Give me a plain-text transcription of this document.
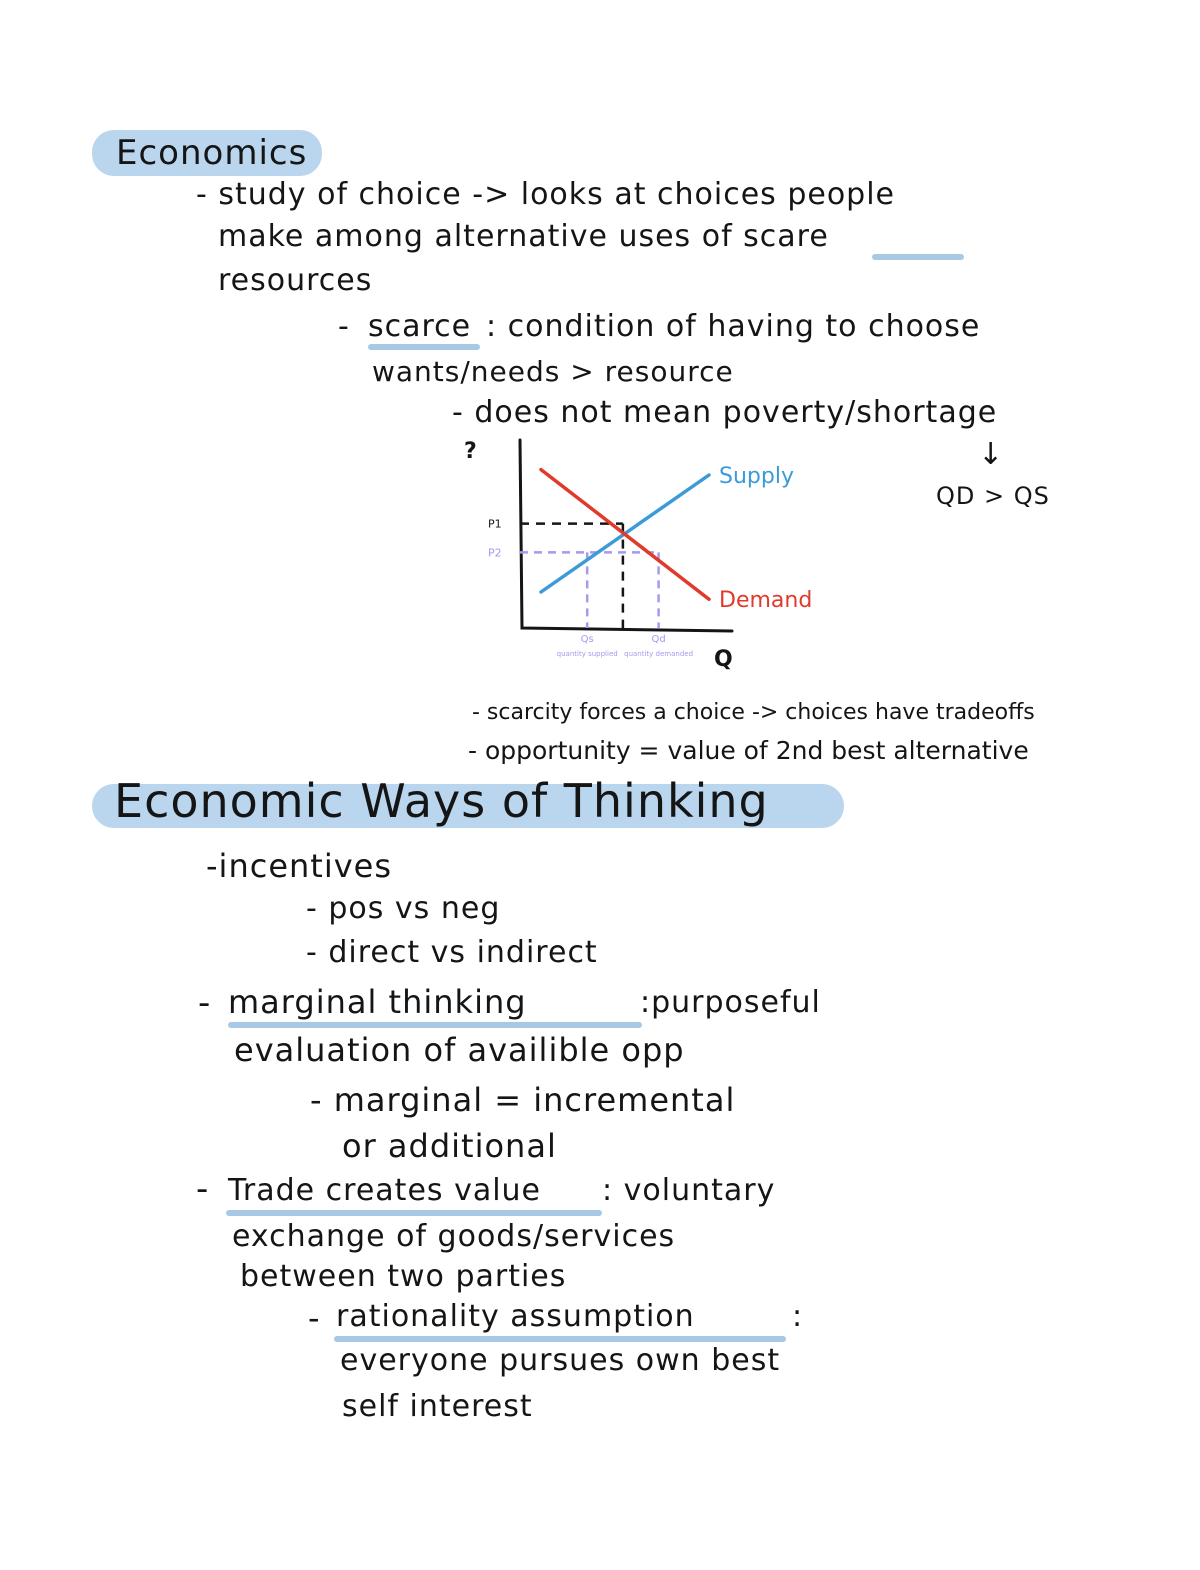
Economics
- study of choice -> looks at choices people
make among alternative uses of scare
resources
- scarce : condition of having to choose
wants/needs > resource
- does not mean poverty/shortage
↓
QD > QS
?
Q
Supply
Demand
P1
P2
Qs
quantity supplied
Qd
quantity demanded
- scarcity forces a choice -> choices have tradeoffs
- opportunity = value of 2nd best alternative
Economic Ways of Thinking
-incentives
- pos vs neg
- direct vs indirect
- marginal thinking	:purposeful
evaluation of availible opp
- marginal = incremental
or additional
- Trade creates value : voluntary
exchange of goods/services
between two parties
- rationality assumption	:
everyone pursues own best
self interest
